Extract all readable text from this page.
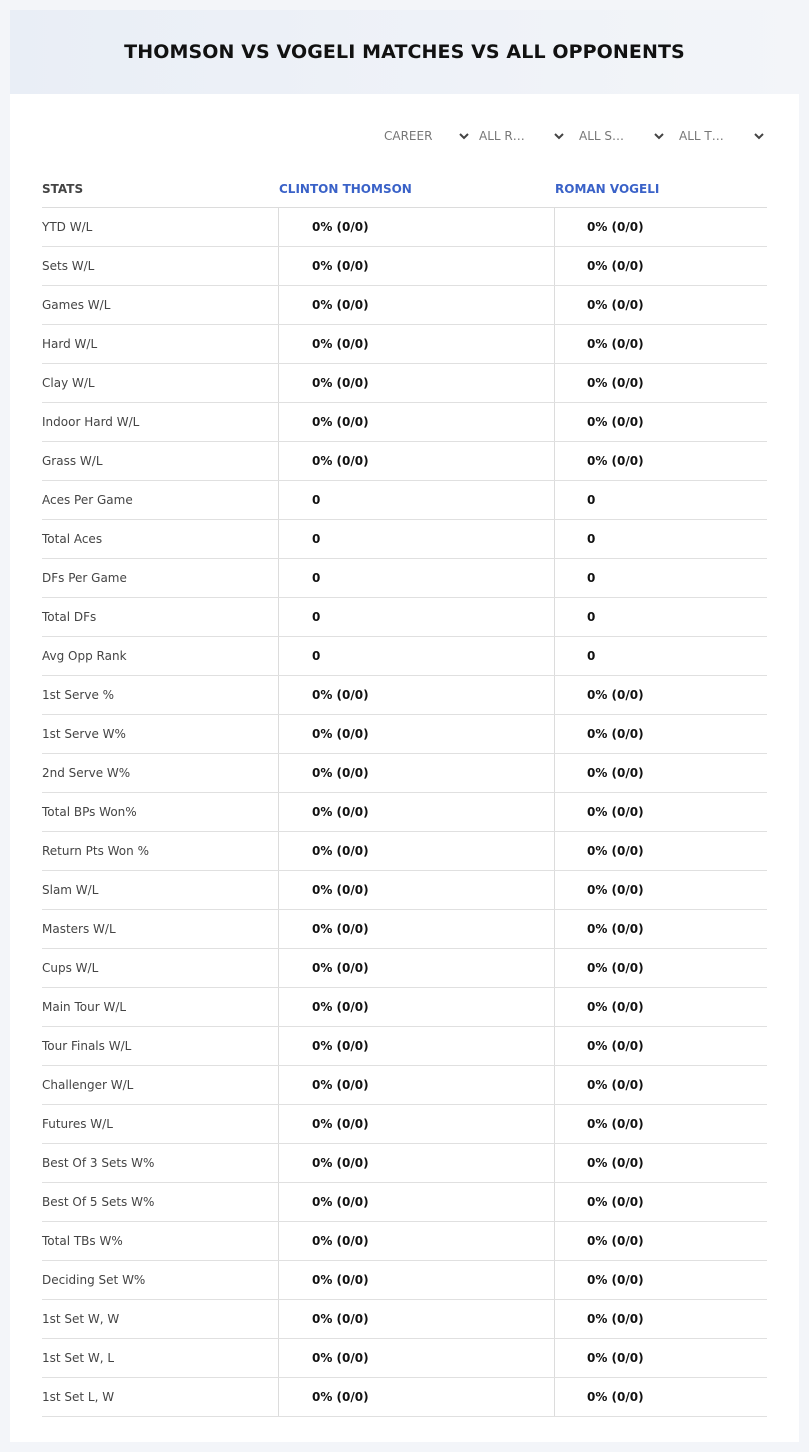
THOMSON VS VOGELI MATCHES VS ALL OPPONENTS
CAREER	ALL R…	ALL S…	ALL T…
STATS	CLINTON THOMSON	ROMAN VOGELI
YTD W/L	0% (0/0)	0% (0/0)
Sets W/L	0% (0/0)	0% (0/0)
Games W/L	0% (0/0)	0% (0/0)
Hard W/L	0% (0/0)	0% (0/0)
Clay W/L	0% (0/0)	0% (0/0)
Indoor Hard W/L	0% (0/0)	0% (0/0)
Grass W/L	0% (0/0)	0% (0/0)
Aces Per Game	0	0
Total Aces	0	0
DFs Per Game	0	0
Total DFs	0	0
Avg Opp Rank	0	0
1st Serve %	0% (0/0)	0% (0/0)
1st Serve W%	0% (0/0)	0% (0/0)
2nd Serve W%	0% (0/0)	0% (0/0)
Total BPs Won%	0% (0/0)	0% (0/0)
Return Pts Won %	0% (0/0)	0% (0/0)
Slam W/L	0% (0/0)	0% (0/0)
Masters W/L	0% (0/0)	0% (0/0)
Cups W/L	0% (0/0)	0% (0/0)
Main Tour W/L	0% (0/0)	0% (0/0)
Tour Finals W/L	0% (0/0)	0% (0/0)
Challenger W/L	0% (0/0)	0% (0/0)
Futures W/L	0% (0/0)	0% (0/0)
Best Of 3 Sets W%	0% (0/0)	0% (0/0)
Best Of 5 Sets W%	0% (0/0)	0% (0/0)
Total TBs W%	0% (0/0)	0% (0/0)
Deciding Set W%	0% (0/0)	0% (0/0)
1st Set W, W	0% (0/0)	0% (0/0)
1st Set W, L	0% (0/0)	0% (0/0)
1st Set L, W	0% (0/0)	0% (0/0)
